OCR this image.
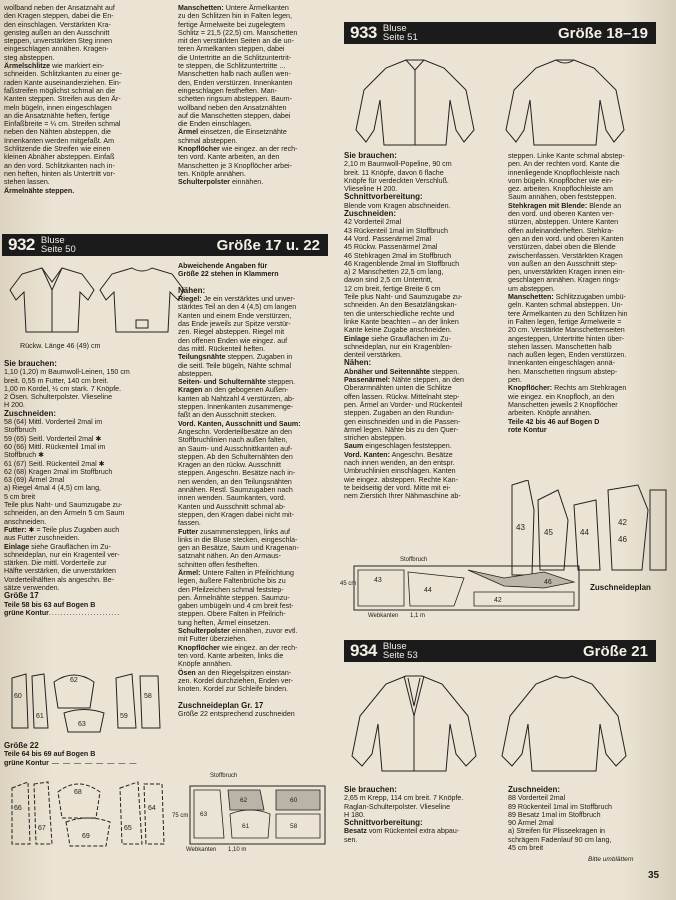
wollband neben der Ansatznaht auf
den Kragen steppen, dabei die En-
den einschlagen. Verstärkten Kra-
gensteg außen an den Ausschnitt
steppen, unverstärkten Steg innen
eingeschlagen annähen. Kragen-
steg absteppen.
Ärmelschlitze wie markiert ein-
schneiden. Schlitzkanten zu einer ge-
raden Kante auseinanderziehen. Ein-
faßstreifen möglichst schmal an die
Kanten steppen. Streifen aus den Är-
meln bügeln, innen eingeschlagen
an die Ansatznähte heften, fertige
Einfaßbreite = ¼ cm. Streifen schmal
neben den Nähten absteppen, die
Innenkanten werden mitgefaßt. Am
Schlitzende die Streifen wie einen
kleinen Abnäher absteppen. Einfaß
an den vord. Schlitzkanten nach in-
nen heften, hinten als Untertritt vor-
stehen lassen.
Ärmelnähte steppen.
Manschetten: Untere Ärmelkanten
zu den Schlitzen hin in Falten legen,
fertige Ärmelweite bei zugelegtem
Schlitz = 21,5 (22,5) cm. Manschetten
mit den verstärkten Seiten an die un-
teren Ärmelkanten steppen, dabei
die Untertritte an die Schlitzuntertrit-
te steppen, die Schlitzuntertritte ...
Manschetten halb nach außen wen-
den, Enden verstürzen. Innenkanten
eingeschlagen festheften. Man-
schetten ringsum absteppen. Baum-
wollband neben den Ansatznähten
auf die Manschetten steppen, dabei
die Enden einschlagen.
Ärmel einsetzen, die Einsetznähte
schmal absteppen.
Knopflöcher wie eingez. an der rech-
ten vord. Kante arbeiten, an den
Manschetten je 3 Knopflöcher arbei-
ten. Knöpfe annähen.
Schulterpolster einnähen.
933 Bluse
Seite 51	Größe 18–19
Sie brauchen:
2,10 m Baumwoll-Popeline, 90 cm
breit. 11 Knöpfe, davon 6 flache
Knöpfe für verdeckten Verschluß.
Vlieseline H 200.
Schnittvorbereitung:
Blende vom Kragen abschneiden.
Zuschneiden:
42 Vorderteil 2mal
43 Rückenteil 1mal im Stoffbruch
44 Vord. Passenärmel 2mal
45 Rückw. Passenärmel 2mal
46 Stehkragen 2mal im Stoffbruch
46 Kragenblende 2mal im Stoffbruch
a) 2 Manschetten 22,5 cm lang,
davon sind 2,5 cm Untertritt,
12 cm breit, fertige Breite 6 cm
Teile plus Naht- und Saumzugabe zu-
schneiden. An den Besatzlängskan-
ten die unterschiedliche rechte und
linke Kante beachten – an der linken
Kante keine Zugabe anschneiden.
Einlage siehe Grauflächen im Zu-
schneideplan, nur ein Kragenblen-
denteil verstärken.
Nähen:
Abnäher und Seitennähte steppen.
Passenärmel: Nähte steppen, an den
Oberarmnähten unten die Schlitze
offen lassen. Rückw. Mittelnaht step-
pen. Ärmel an Vorder- und Rückenteil
steppen. Zugaben an den Rundun-
gen einschneiden und in die Passen-
ärmel legen. Nähte bis zu den Quer-
strichen absteppen.
Saum eingeschlagen feststeppen.
Vord. Kanten: Angeschn. Besätze
nach innen wenden, an den entspr.
Umbruchlinien einschlagen. Kanten
wie eingez. absteppen. Rechte Kan-
te beidseitig der vord. Mitte mit ei-
nem Zierstich Ihrer Nähmaschine ab-
steppen. Linke Kante schmal abstep-
pen. An der rechten vord. Kante die
innenliegende Knopflochleiste nach
vorn bügeln. Knopflöcher wie ein-
gez. arbeiten. Knopflochleiste am
Saum annähen, oben feststeppen.
Stehkragen mit Blende: Blende an
den vord. und oberen Kanten ver-
stürzen, absteppen. Untere Kanten
offen aufeinanderheften. Stehkra-
gen an den vord. und oberen Kanten
verstürzen, dabei oben die Blende
zwischenfassen. Verstärkten Kragen
von außen an den Ausschnitt step-
pen, unverstärkten Kragen innen ein-
geschlagen annähen. Kragen rings-
um absteppen.
Manschetten: Schlitzzugaben umbü-
geln. Kanten schmal absteppen. Un-
tere Ärmelkanten zu den Schlitzen hin
in Falten legen, fertige Ärmelweite =
20 cm. Verstärkte Manschettenseiten
angesteppen, Untertritte hinten über-
stehen lassen. Manschetten halb
nach außen legen, Enden verstürzen.
Innenkanten eingeschlagen annä-
hen. Manschetten ringsum abstep-
pen.
Knopflöcher: Rechts am Stehkragen
wie eingez. ein Knopfloch, an den
Manschetten jeweils 2 Knopflöcher
arbeiten. Knöpfe annähen.
Teile 42 bis 46 auf Bogen D
rote Kontur
43
45	44
42
46
Zuschneideplan
43
44
42
46
Stoffbruch
Webkanten	1,1 m
45 cm
932 Bluse
Seite 50	Größe 17 u. 22
Rückw. Länge 46 (49) cm
Sie brauchen:
1,10 (1,20) m Baumwoll-Leinen, 150 cm
breit. 0,55 m Futter, 140 cm breit.
1,00 m Kordel, ½ cm stark. 7 Knöpfe.
2 Ösen. Schulterpolster. Vlieseline
H 200.
Zuschneiden:
58 (64) Mittl. Vorderteil 2mal im
Stoffbruch
59 (65) Seitl. Vorderteil 2mal ✱
60 (66) Mittl. Rückenteil 1mal im
Stoffbruch ✱
61 (67) Seitl. Rückenteil 2mal ✱
62 (68) Kragen 2mal im Stoffbruch
63 (69) Ärmel 2mal
a) Riegel 4mal 4 (4,5) cm lang,
5 cm breit
Teile plus Naht- und Saumzugabe zu-
schneiden, an den Ärmeln 5 cm Saum
anschneiden.
Futter: ✱ = Teile plus Zugaben auch
aus Futter zuschneiden.
Einlage siehe Grauflächen im Zu-
schneideplan, nur ein Kragenteil ver-
stärken. Die mittl. Vorderteile zur
Hälfte verstärken, die unverstärkten
Vorderteilhälften als angeschn. Be-
sätze verwenden.
Größe 17
Teile 58 bis 63 auf Bogen B
grüne Kontur........................
60
61
62
63
59
58
Größe 22
Teile 64 bis 69 auf Bogen B
grüne Kontur — — — — — — — —
66
67
68
69
65
64
Abweichende Angaben für
Größe 22 stehen in Klammern

Nähen:
Riegel: Je ein verstärktes und unver-
stärktes Teil an den 4 (4,5) cm langen
Kanten und einem Ende verstürzen,
das Ende jeweils zur Spitze verstür-
zen. Riegel absteppen. Riegel mit
den offenen Enden wie eingez. auf
das mittl. Rückenteil heften.
Teilungsnähte steppen. Zugaben in
die seitl. Teile bügeln, Nähte schmal
absteppen.
Seiten- und Schulternähte steppen.
Kragen an den gebogenen Außen-
kanten ab Nahtzahl 4 verstürzen, ab-
steppen. Innenkanten zusammenge-
faßt an den Ausschnitt stecken.
Vord. Kanten, Ausschnitt und Saum:
Angeschn. Vorderteilbesätze an den
Stoffbruchlinien nach außen falten,
an Saum- und Ausschnittkanten auf-
steppen. Ab den Schulternähten den
Kragen an den rückw. Ausschnitt
steppen. Angeschn. Besätze nach in-
nen wenden, an den Teilungsnähten
annähen. Restl. Saumzugaben nach
innen wenden. Saumkanten, vord.
Kanten und Ausschnitt schmal ab-
steppen, den Kragen dabei nicht mit-
fassen.
Futter zusammensteppen, links auf
links in die Bluse stecken, eingeschla-
gen an Besätze, Saum und Kragenan-
satznaht nähen. An den Armaus-
schnitten offen festheften.
Ärmel: Untere Falten in Pfeilrichtung
legen, äußere Faltenbrüche bis zu
den Pfeilzeichen schmal feststep-
pen. Ärmelnähte steppen. Saumzu-
gaben umbügeln und 4 cm breit fest-
steppen. Obere Falten in Pfeilrich-
tung heften, Ärmel einsetzen.
Schulterpolster einnähen, zuvor evtl.
mit Futter überziehen.
Knopflöcher wie eingez. an der rech-
ten vord. Kante arbeiten, links die
Knöpfe annähen.
Ösen an den Riegelspitzen einstan-
zen. Kordel durchziehen, Enden ver-
knoten. Kordel zur Schleife binden.

Zuschneideplan Gr. 17
Größe 22 entsprechend zuschneiden
63
62
61
60
58
Stoffbruch
Webkanten	1,10 m
75 cm
934 Bluse
Seite 53	Größe 21
Sie brauchen:
2,65 m Krepp, 114 cm breit. 7 Knöpfe.
Raglan-Schulterpolster. Vlieseline
H 180.
Schnittvorbereitung:
Besatz vom Rückenteil extra abpau-
sen.
Zuschneiden:
88 Vorderteil 2mal
89 Rückenteil 1mal im Stoffbruch
89 Besatz 1mal im Stoffbruch
90 Ärmel 2mal
a) Streifen für Plisseekragen in
schrägem Fadenlauf 90 cm lang,
45 cm breit
Bitte umblättern
35
